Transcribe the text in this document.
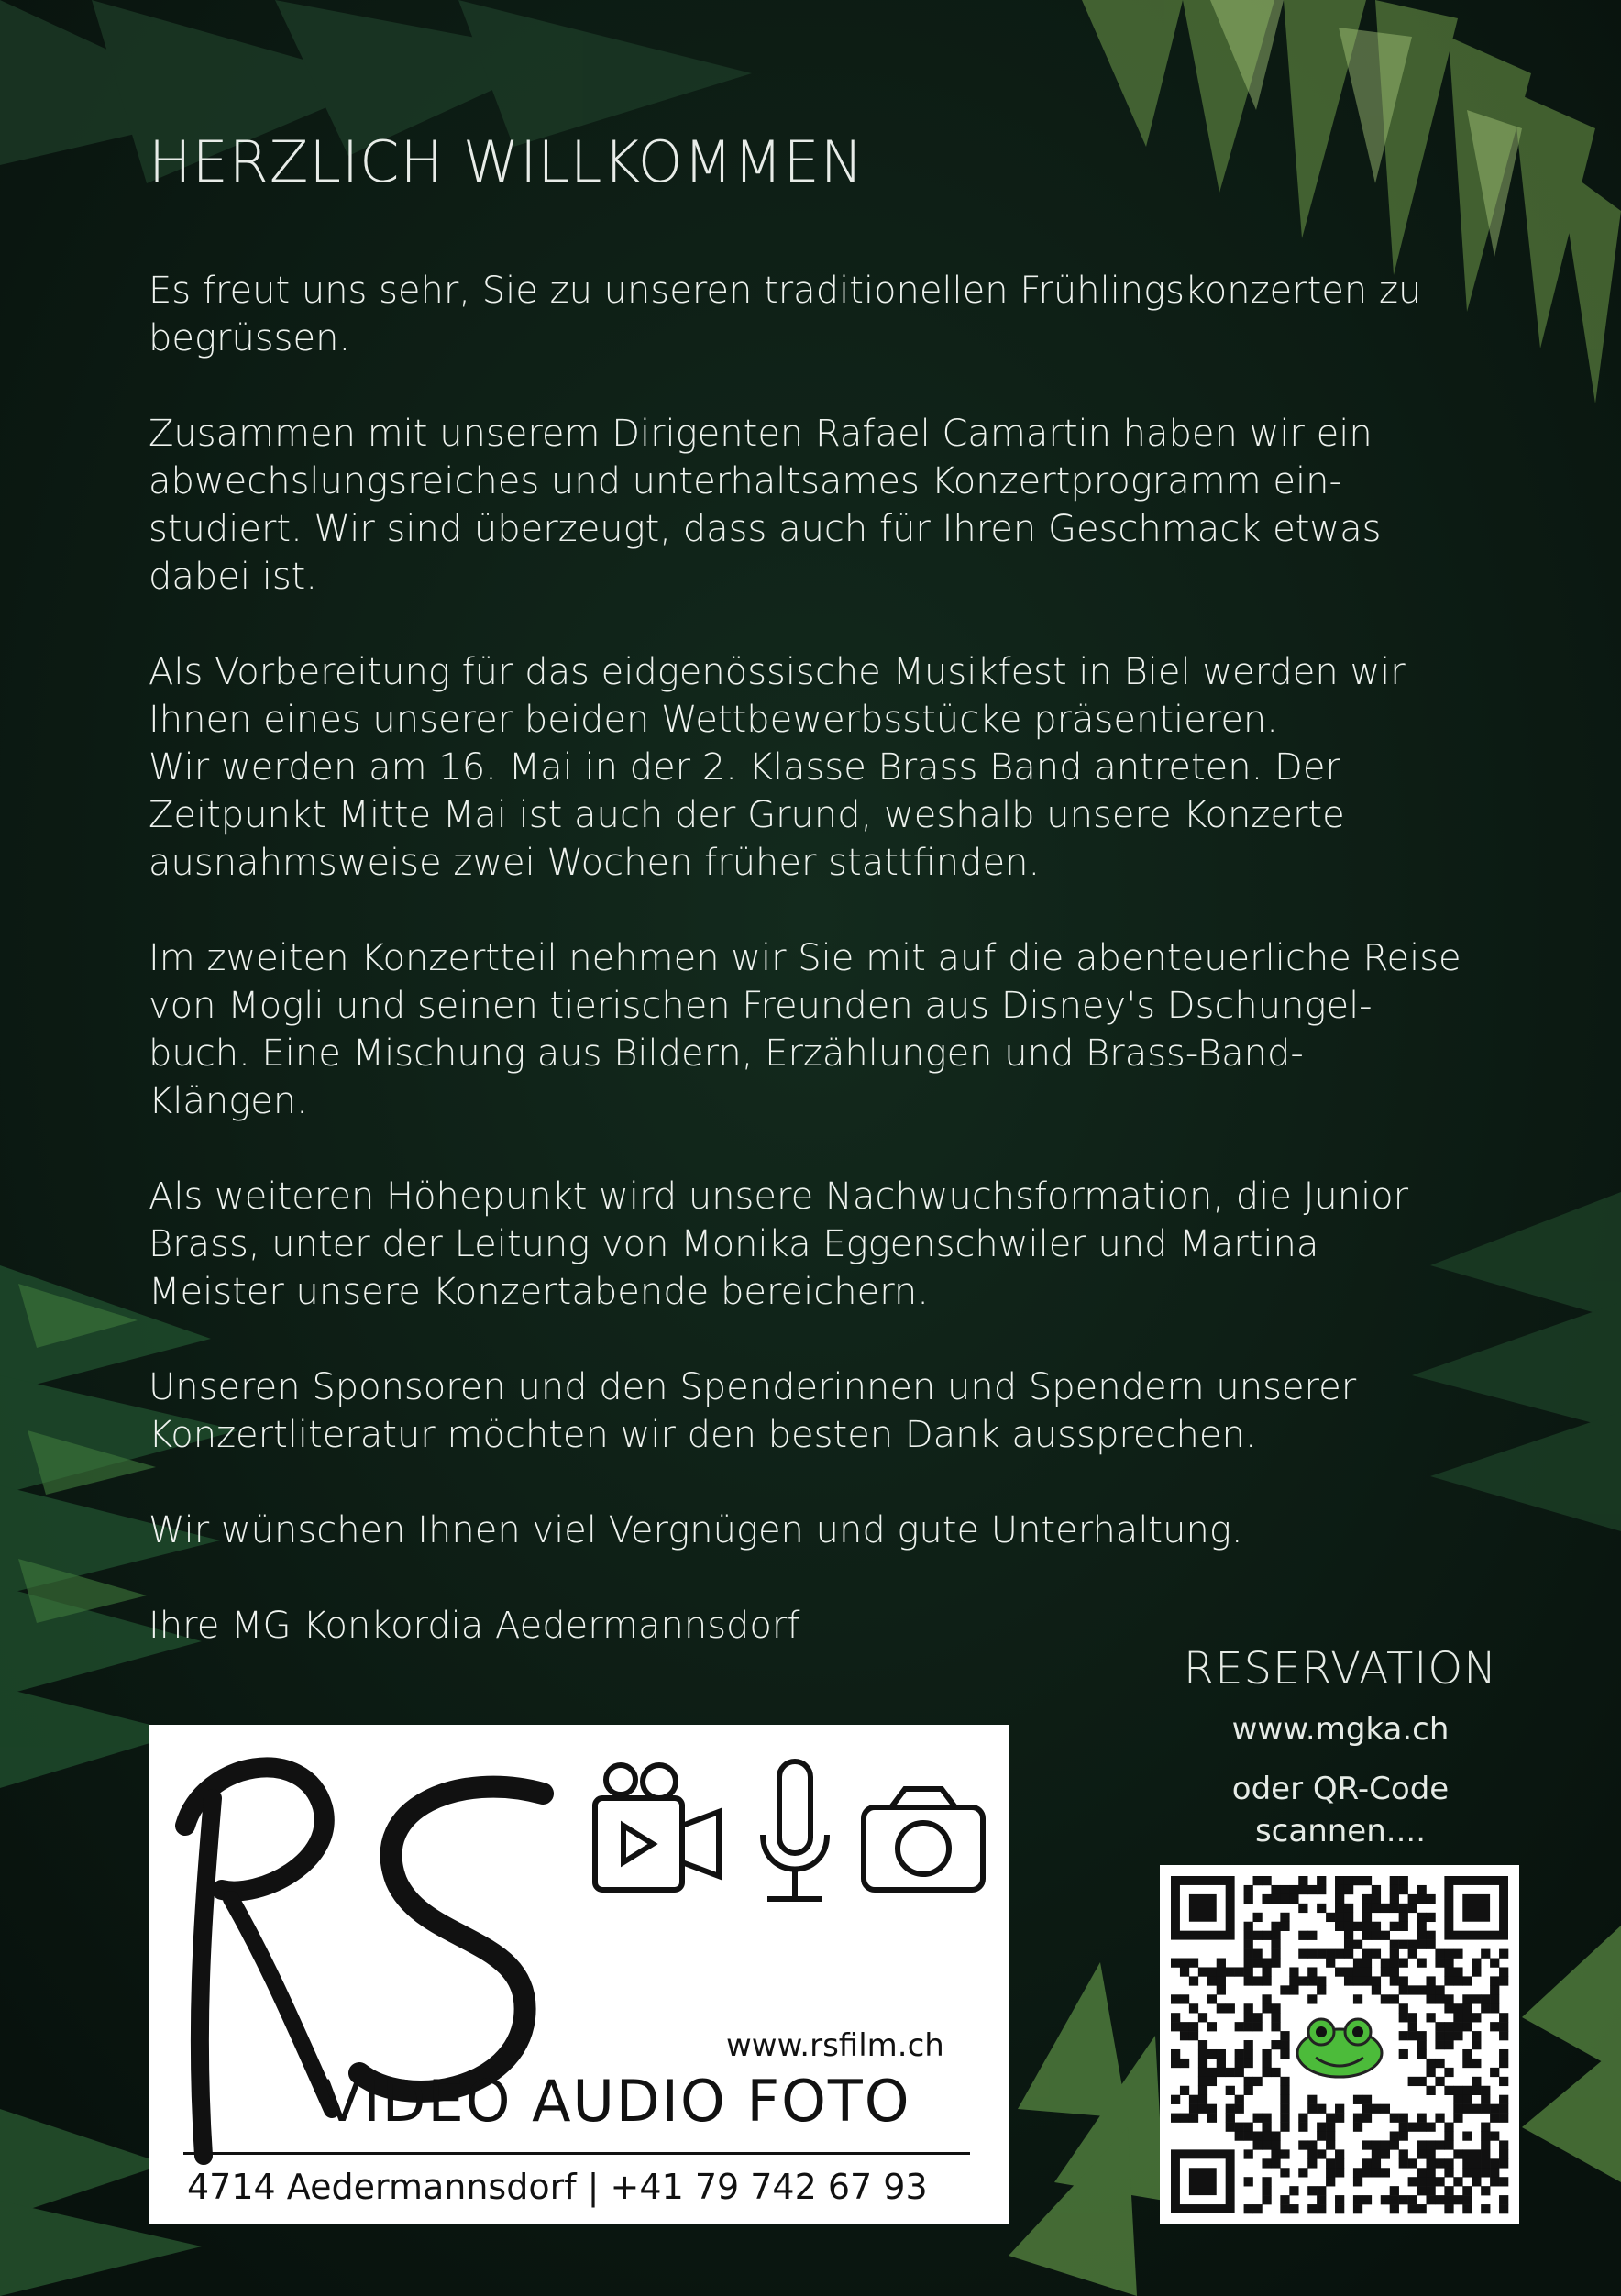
HERZLICH WILLKOMMEN
Es freut uns sehr, Sie zu unseren traditionellen Frühlingskonzerten zu
begrüssen.
Zusammen mit unserem Dirigenten Rafael Camartin haben wir ein
abwechslungsreiches und unterhaltsames Konzertprogramm ein-
studiert. Wir sind überzeugt, dass auch für Ihren Geschmack etwas
dabei ist.
Als Vorbereitung für das eidgenössische Musikfest in Biel werden wir
Ihnen eines unserer beiden Wettbewerbsstücke präsentieren.
Wir werden am 16. Mai in der 2. Klasse Brass Band antreten. Der
Zeitpunkt Mitte Mai ist auch der Grund, weshalb unsere Konzerte
ausnahmsweise zwei Wochen früher stattfinden.
Im zweiten Konzertteil nehmen wir Sie mit auf die abenteuerliche Reise
von Mogli und seinen tierischen Freunden aus Disney's Dschungel-
buch. Eine Mischung aus Bildern, Erzählungen und Brass-Band-
Klängen.
Als weiteren Höhepunkt wird unsere Nachwuchsformation, die Junior
Brass, unter der Leitung von Monika Eggenschwiler und Martina
Meister unsere Konzertabende bereichern.
Unseren Sponsoren und den Spenderinnen und Spendern unserer
Konzertliteratur möchten wir den besten Dank aussprechen.
Wir wünschen Ihnen viel Vergnügen und gute Unterhaltung.
Ihre MG Konkordia Aedermannsdorf
RESERVATION
www.mgka.ch
oder QR-Code
scannen....
www.rsfilm.ch
VIDEO AUDIO FOTO
4714 Aedermannsdorf | +41 79 742 67 93
